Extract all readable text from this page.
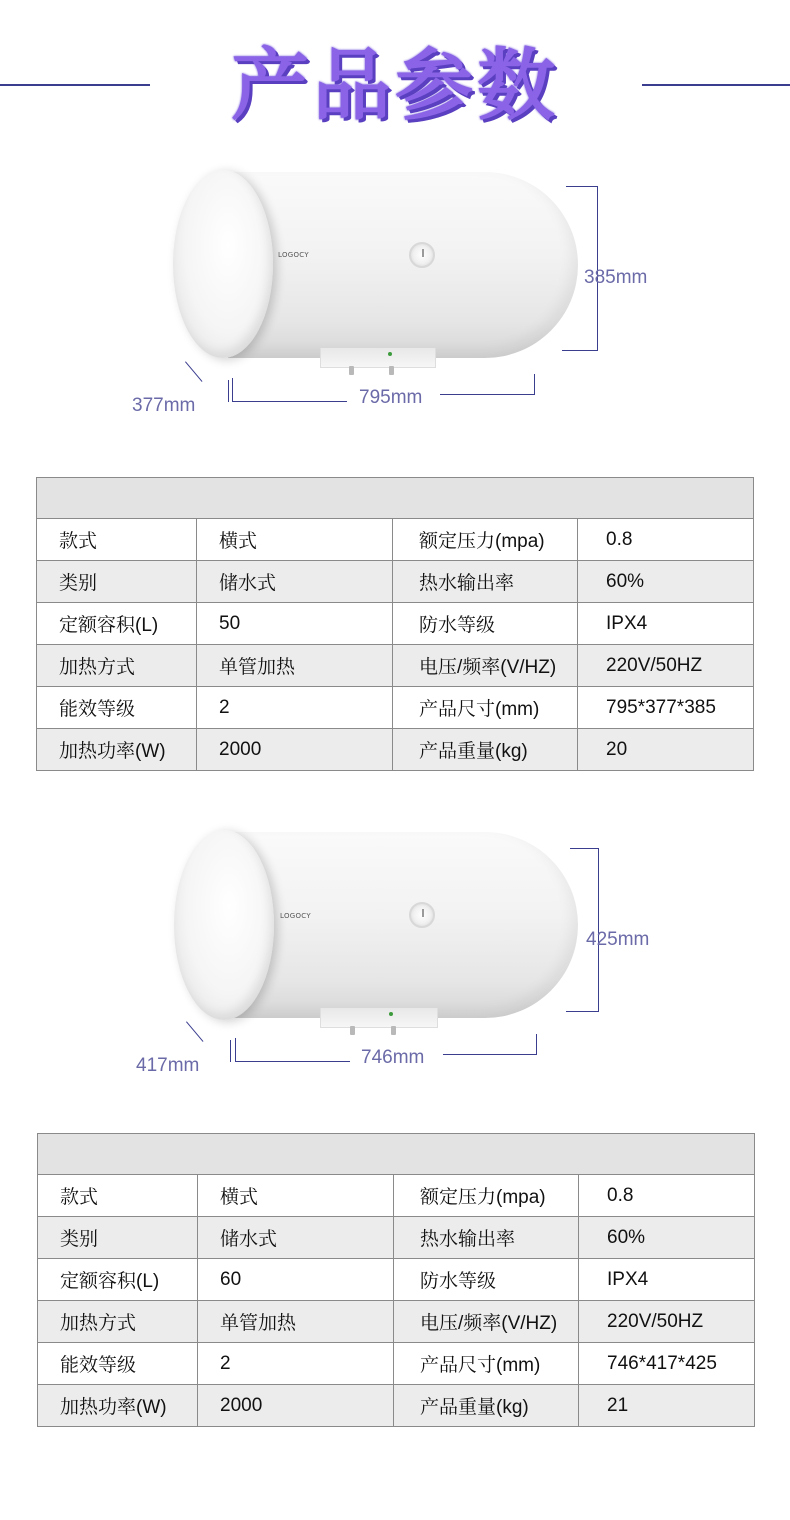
产品参数
LOGOCY
385mm
795mm
377mm

款式	横式	额定压力(mpa)	0.8
类别	储水式	热水输出率	60%
定额容积(L)	50	防水等级	IPX4
加热方式	单管加热	电压/频率(V/HZ)	220V/50HZ
能效等级	2	产品尺寸(mm)	795*377*385
加热功率(W)	2000	产品重量(kg)	20
LOGOCY
425mm
746mm
417mm

款式	横式	额定压力(mpa)	0.8
类别	储水式	热水输出率	60%
定额容积(L)	60	防水等级	IPX4
加热方式	单管加热	电压/频率(V/HZ)	220V/50HZ
能效等级	2	产品尺寸(mm)	746*417*425
加热功率(W)	2000	产品重量(kg)	21
